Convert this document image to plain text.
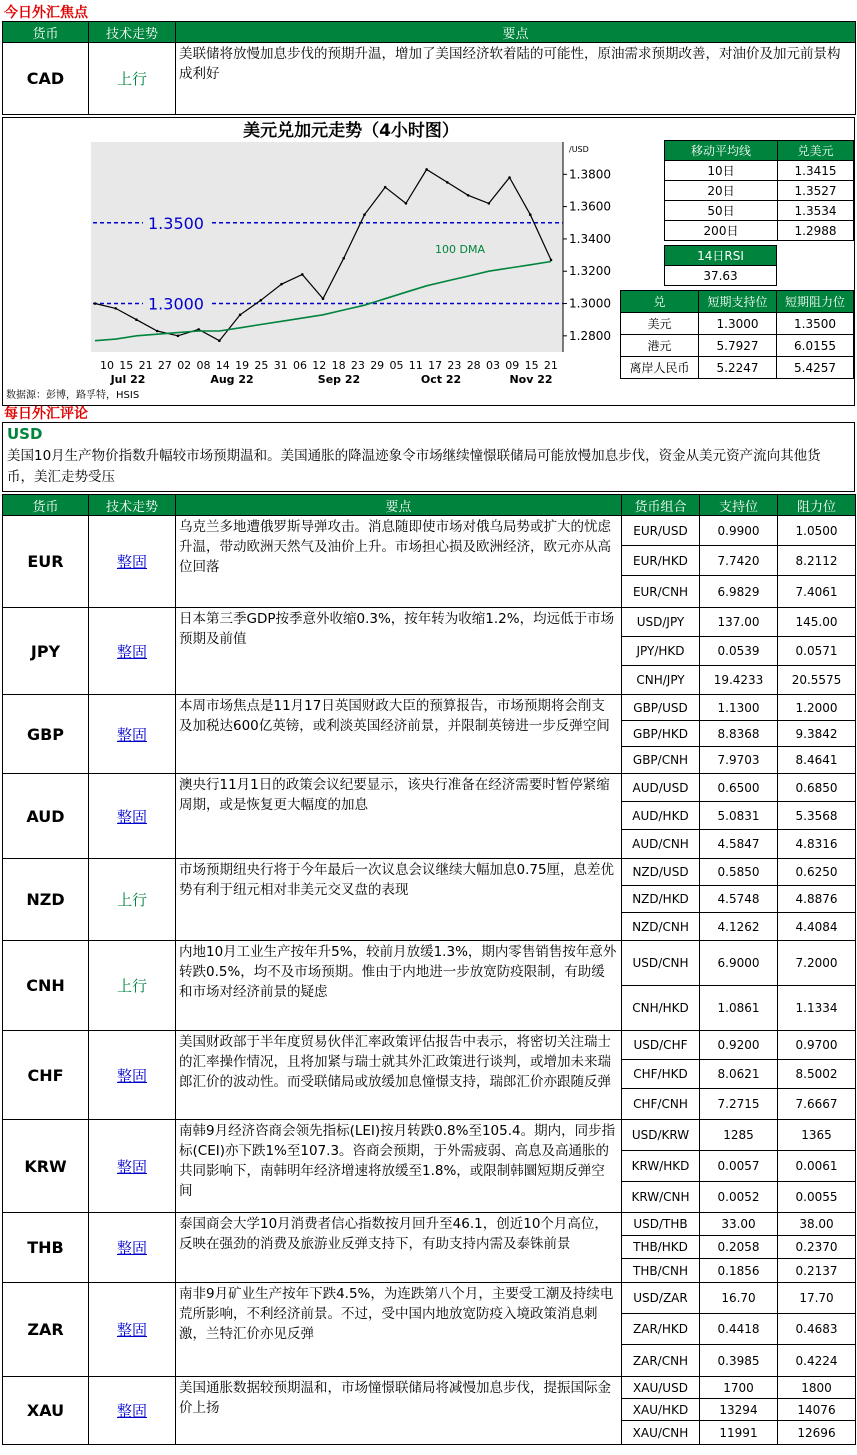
今日外汇焦点
货币	技术走势	要点
CAD	上行	美联储将放慢加息步伐的预期升温，增加了美国经济软着陆的可能性，原油需求预期改善，对油价及加元前景构成利好
美元兑加元走势（4小时图）
/USD
1.3800
1.3600
1.3400
1.3200
1.3000
1.2800
1.3500
1.3000
10 15 21 27 02 08 14 19 25 31 06 12 18 23 29 05 11 17 23 28 03 09 15 21
Jul 22	Aug 22	Sep 22	Oct 22	Nov 22
100 DMA
数据源：彭博，路孚特，HSIS
移动平均线	兑美元
10日	1.3415
20日	1.3527
50日	1.3534
200日	1.2988
14日RSI
37.63
兑	短期支持位	短期阻力位
美元	1.3000	1.3500
港元	5.7927	6.0155
离岸人民币	5.2247	5.4257
每日外汇评论
USD
美国10月生产物价指数升幅较市场预期温和。美国通胀的降温迹象令市场继续憧憬联储局可能放慢加息步伐，资金从美元资产流向其他货币，美汇走势受压
货币	技术走势	要点	货币组合	支持位	阻力位
EUR	整固	乌克兰多地遭俄罗斯导弹攻击。消息随即使市场对俄乌局势或扩大的忧虑升温，带动欧洲天然气及油价上升。市场担心损及欧洲经济，欧元亦从高位回落	EUR/USD	0.9900	1.0500
			EUR/HKD	7.7420	8.2112
			EUR/CNH	6.9829	7.4061
JPY	整固	日本第三季GDP按季意外收缩0.3%，按年转为收缩1.2%，均远低于市场预期及前值	USD/JPY	137.00	145.00
			JPY/HKD	0.0539	0.0571
			CNH/JPY	19.4233	20.5575
GBP	整固	本周市场焦点是11月17日英国财政大臣的预算报告，市场预期将会削支及加税达600亿英镑，或利淡英国经济前景，并限制英镑进一步反弹空间	GBP/USD	1.1300	1.2000
			GBP/HKD	8.8368	9.3842
			GBP/CNH	7.9703	8.4641
AUD	整固	澳央行11月1日的政策会议纪要显示，该央行准备在经济需要时暂停紧缩周期，或是恢复更大幅度的加息	AUD/USD	0.6500	0.6850
			AUD/HKD	5.0831	5.3568
			AUD/CNH	4.5847	4.8316
NZD	上行	市场预期纽央行将于今年最后一次议息会议继续大幅加息0.75厘，息差优势有利于纽元相对非美元交叉盘的表现	NZD/USD	0.5850	0.6250
			NZD/HKD	4.5748	4.8876
			NZD/CNH	4.1262	4.4084
CNH	上行	内地10月工业生产按年升5%，较前月放缓1.3%，期内零售销售按年意外转跌0.5%，均不及市场预期。惟由于内地进一步放宽防疫限制，有助缓和市场对经济前景的疑虑	USD/CNH	6.9000	7.2000
			CNH/HKD	1.0861	1.1334
CHF	整固	美国财政部于半年度贸易伙伴汇率政策评估报告中表示，将密切关注瑞士的汇率操作情况，且将加紧与瑞士就其外汇政策进行谈判，或增加未来瑞郎汇价的波动性。而受联储局或放缓加息憧憬支持，瑞郎汇价亦跟随反弹	USD/CHF	0.9200	0.9700
			CHF/HKD	8.0621	8.5002
			CHF/CNH	7.2715	7.6667
KRW	整固	南韩9月经济咨商会领先指标(LEI)按月转跌0.8%至105.4。期内，同步指标(CEI)亦下跌1%至107.3。咨商会预期，于外需疲弱、高息及高通胀的共同影响下，南韩明年经济增速将放缓至1.8%，或限制韩圜短期反弹空间	USD/KRW	1285	1365
			KRW/HKD	0.0057	0.0061
			KRW/CNH	0.0052	0.0055
THB	整固	泰国商会大学10月消费者信心指数按月回升至46.1，创近10个月高位，反映在强劲的消费及旅游业反弹支持下，有助支持内需及泰铢前景	USD/THB	33.00	38.00
			THB/HKD	0.2058	0.2370
			THB/CNH	0.1856	0.2137
ZAR	整固	南非9月矿业生产按年下跌4.5%，为连跌第八个月，主要受工潮及持续电荒所影响，不利经济前景。不过，受中国内地放宽防疫入境政策消息刺激，兰特汇价亦见反弹	USD/ZAR	16.70	17.70
			ZAR/HKD	0.4418	0.4683
			ZAR/CNH	0.3985	0.4224
XAU	整固	美国通胀数据较预期温和，市场憧憬联储局将减慢加息步伐，提振国际金价上扬	XAU/USD	1700	1800
			XAU/HKD	13294	14076
			XAU/CNH	11991	12696
